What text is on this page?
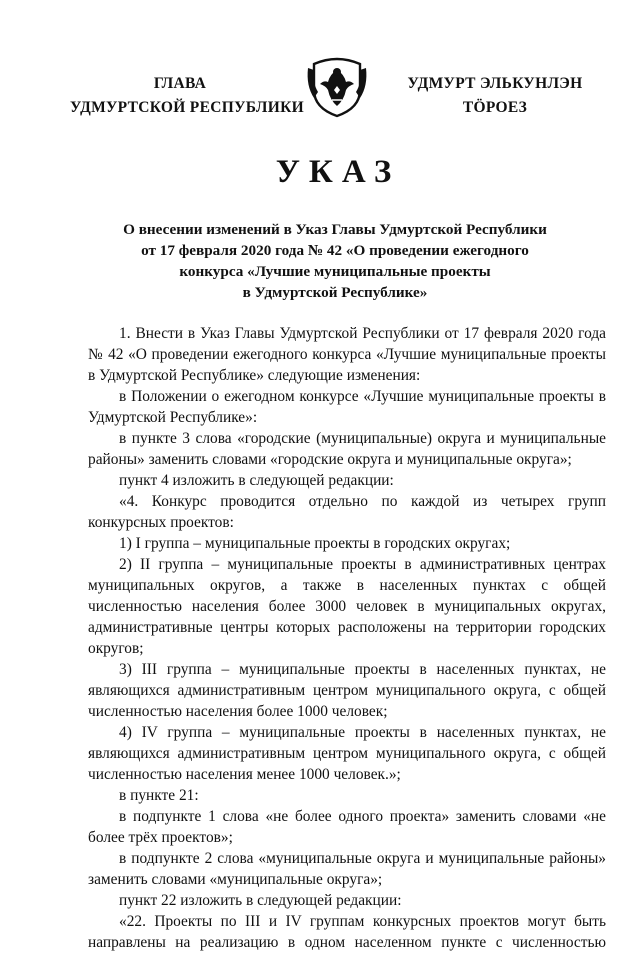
ГЛАВА
УДМУРТСКОЙ РЕСПУБЛИКИ
УДМУРТ ЭЛЬКУНЛЭН
ТӦРОЕЗ
УКАЗ
О внесении изменений в Указ Главы Удмуртской Республики
от 17 февраля 2020 года № 42 «О проведении ежегодного
конкурса «Лучшие муниципальные проекты
в Удмуртской Республике»

1. Внести в Указ Главы Удмуртской Республики от 17 февраля 2020 года № 42 «О проведении ежегодного конкурса «Лучшие муниципальные проекты в Удмуртской Республике» следующие изменения:

в Положении о ежегодном конкурсе «Лучшие муниципальные проекты в Удмуртской Республике»:

в пункте 3 слова «городские (муниципальные) округа и муниципальные районы» заменить словами «городские округа и муниципальные округа»;

пункт 4 изложить в следующей редакции:

«4. Конкурс проводится отдельно по каждой из четырех групп конкурсных проектов:

1) I группа – муниципальные проекты в городских округах;

2) II группа – муниципальные проекты в административных центрах муниципальных округов, а также в населенных пунктах с общей численностью населения более 3000 человек в муниципальных округах, административные центры которых расположены на территории городских округов;

3) III группа – муниципальные проекты в населенных пунктах, не являющихся административным центром муниципального округа, с общей численностью населения более 1000 человек;

4) IV группа – муниципальные проекты в населенных пунктах, не являющихся административным центром муниципального округа, с общей численностью населения менее 1000 человек.»;

в пункте 21:

в подпункте 1 слова «не более одного проекта» заменить словами «не более трёх проектов»;

в подпункте 2 слова «муниципальные округа и муниципальные районы» заменить словами «муниципальные округа»;

пункт 22 изложить в следующей редакции:

«22. Проекты по III и IV группам конкурсных проектов могут быть направлены на реализацию в одном населенном пункте с численностью
